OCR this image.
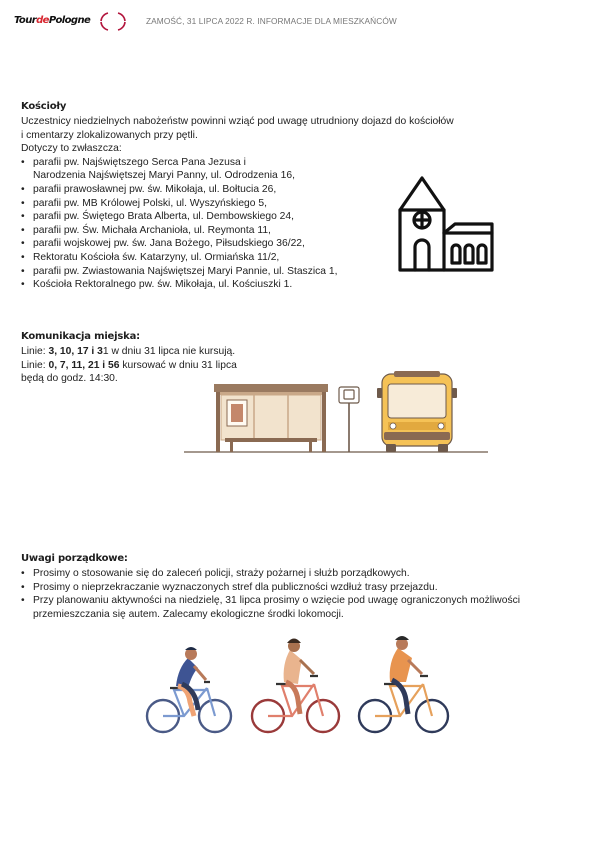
TourdePologne	ZAMOŚĆ, 31 LIPCA 2022 R. INFORMACJE DLA MIESZKAŃCÓW
Kościoły

Uczestnicy niedzielnych nabożeństw powinni wziąć pod uwagę utrudniony dojazd do kościołów

i cmentarzy zlokalizowanych przy pętli.

Dotyczy to zwłaszcza:

• parafii pw. Najświętszego Serca Pana Jezusa i
Narodzenia Najświętszej Maryi Panny, ul. Odrodzenia 16,
• parafii prawosławnej pw. św. Mikołaja, ul. Bołtucia 26,
• parafii pw. MB Królowej Polski, ul. Wyszyńskiego 5,
• parafii pw. Świętego Brata Alberta, ul. Dembowskiego 24,
• parafii pw. Św. Michała Archanioła, ul. Reymonta 11,
• parafii wojskowej pw. św. Jana Bożego, Piłsudskiego 36/22,
• Rektoratu Kościoła św. Katarzyny, ul. Ormiańska 11/2,
• parafii pw. Zwiastowania Najświętszej Maryi Pannie, ul. Staszica 1,
• Kościoła Rektoralnego pw. św. Mikołaja, ul. Kościuszki 1.
Komunikacja miejska:

Linie: 3, 10, 17 i 31 w dniu 31 lipca nie kursują.

Linie: 0, 7, 11, 21 i 56 kursować w dniu 31 lipca

będą do godz. 14:30.

Uwagi porządkowe:
• Prosimy o stosowanie się do zaleceń policji, straży pożarnej i służb porządkowych.
• Prosimy o nieprzekraczanie wyznaczonych stref dla publiczności wzdłuż trasy przejazdu.
• Przy planowaniu aktywności na niedzielę, 31 lipca prosimy o wzięcie pod uwagę ograniczonych możliwości przemieszczania się autem. Zalecamy ekologiczne środki lokomocji.
